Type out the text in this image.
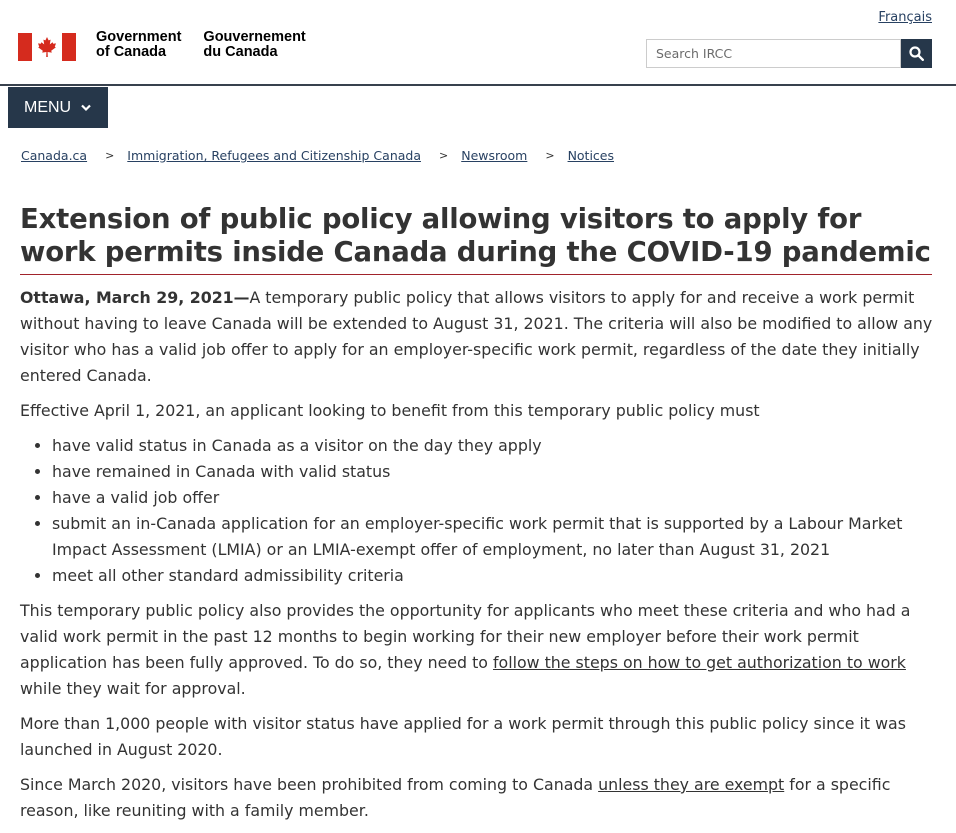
Français
Government
of Canada
Gouvernement
du Canada
Search IRCC
MENU
Canada.ca > Immigration, Refugees and Citizenship Canada > Newsroom > Notices
Extension of public policy allowing visitors to apply for work permits inside Canada during the COVID-19 pandemic

Ottawa, March 29, 2021—A temporary public policy that allows visitors to apply for and receive a work permit without having to leave Canada will be extended to August 31, 2021. The criteria will also be modified to allow any visitor who has a valid job offer to apply for an employer-specific work permit, regardless of the date they initially entered Canada.

Effective April 1, 2021, an applicant looking to benefit from this temporary public policy must

• have valid status in Canada as a visitor on the day they apply
• have remained in Canada with valid status
• have a valid job offer
• submit an in-Canada application for an employer-specific work permit that is supported by a Labour Market Impact Assessment (LMIA) or an LMIA-exempt offer of employment, no later than August 31, 2021
• meet all other standard admissibility criteria

This temporary public policy also provides the opportunity for applicants who meet these criteria and who had a valid work permit in the past 12 months to begin working for their new employer before their work permit application has been fully approved. To do so, they need to follow the steps on how to get authorization to work while they wait for approval.

More than 1,000 people with visitor status have applied for a work permit through this public policy since it was launched in August 2020.

Since March 2020, visitors have been prohibited from coming to Canada unless they are exempt for a specific reason, like reuniting with a family member.
